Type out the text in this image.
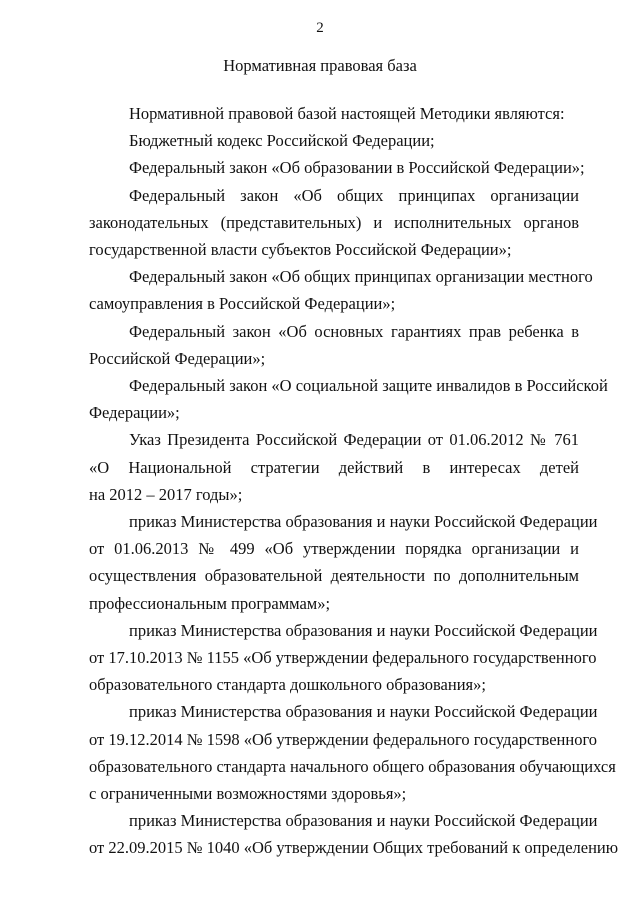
2
Нормативная правовая база
Нормативной правовой базой настоящей Методики являются:
Бюджетный кодекс Российской Федерации;
Федеральный закон «Об образовании в Российской Федерации»;
Федеральный закон «Об общих принципах организации
законодательных (представительных) и исполнительных органов
государственной власти субъектов Российской Федерации»;
Федеральный закон «Об общих принципах организации местного
самоуправления в Российской Федерации»;
Федеральный закон «Об основных гарантиях прав ребенка в
Российской Федерации»;
Федеральный закон «О социальной защите инвалидов в Российской
Федерации»;
Указ Президента Российской Федерации от 01.06.2012 № 761
«О Национальной стратегии действий в интересах детей
на 2012 – 2017 годы»;
приказ Министерства образования и науки Российской Федерации
от 01.06.2013 № 499 «Об утверждении порядка организации и
осуществления образовательной деятельности по дополнительным
профессиональным программам»;
приказ Министерства образования и науки Российской Федерации
от 17.10.2013 № 1155 «Об утверждении федерального государственного
образовательного стандарта дошкольного образования»;
приказ Министерства образования и науки Российской Федерации
от 19.12.2014 № 1598 «Об утверждении федерального государственного
образовательного стандарта начального общего образования обучающихся
с ограниченными возможностями здоровья»;
приказ Министерства образования и науки Российской Федерации
от 22.09.2015 № 1040 «Об утверждении Общих требований к определению
